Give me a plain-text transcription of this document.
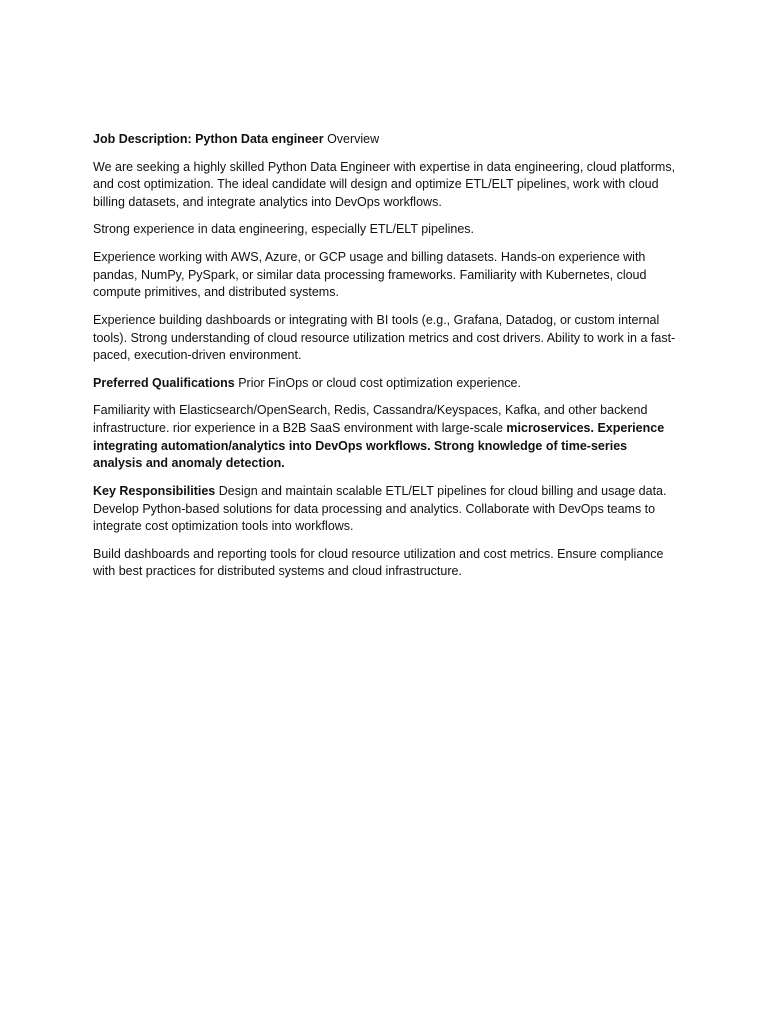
Job Description: Python Data engineer Overview

We are seeking a highly skilled Python Data Engineer with expertise in data engineering, cloud platforms, and cost optimization. The ideal candidate will design and optimize ETL/ELT pipelines, work with cloud billing datasets, and integrate analytics into DevOps workflows.

Strong experience in data engineering, especially ETL/ELT pipelines.

Experience working with AWS, Azure, or GCP usage and billing datasets. Hands-on experience with pandas, NumPy, PySpark, or similar data processing frameworks. Familiarity with Kubernetes, cloud compute primitives, and distributed systems.

Experience building dashboards or integrating with BI tools (e.g., Grafana, Datadog, or custom internal tools). Strong understanding of cloud resource utilization metrics and cost drivers. Ability to work in a fast-paced, execution-driven environment.

Preferred Qualifications Prior FinOps or cloud cost optimization experience.

Familiarity with Elasticsearch/OpenSearch, Redis, Cassandra/Keyspaces, Kafka, and other backend infrastructure. rior experience in a B2B SaaS environment with large-scale microservices. Experience integrating automation/analytics into DevOps workflows. Strong knowledge of time-series analysis and anomaly detection.

Key Responsibilities Design and maintain scalable ETL/ELT pipelines for cloud billing and usage data. Develop Python-based solutions for data processing and analytics. Collaborate with DevOps teams to integrate cost optimization tools into workflows.

Build dashboards and reporting tools for cloud resource utilization and cost metrics. Ensure compliance with best practices for distributed systems and cloud infrastructure.
